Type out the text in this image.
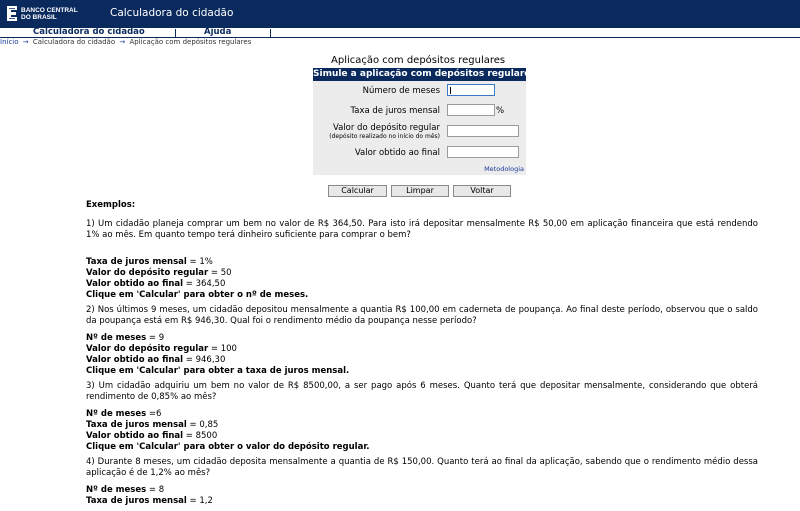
BANCO CENTRAL
DO BRASIL	Calculadora do cidadão
Calculadora do cidadão	Ajuda
Início → Calculadora do cidadão → Aplicação com depósitos regulares
Aplicação com depósitos regulares
Simule a aplicação com depósitos regulares
Número de meses
Taxa de juros mensal	%
Valor do depósito regular
(depósito realizado no início do mês)
Valor obtido ao final
Metodologia
Calcular	Limpar	Voltar
Exemplos:
1) Um cidadão planeja comprar um bem no valor de R$ 364,50. Para isto irá depositar mensalmente R$ 50,00 em aplicação financeira que está rendendo 1% ao mês. Em quanto tempo terá dinheiro suficiente para comprar o bem?
Taxa de juros mensal = 1%
Valor do depósito regular = 50
Valor obtido ao final = 364,50
Clique em 'Calcular' para obter o nº de meses.
2) Nos últimos 9 meses, um cidadão depositou mensalmente a quantia R$ 100,00 em caderneta de poupança. Ao final deste período, observou que o saldo da poupança está em R$ 946,30. Qual foi o rendimento médio da poupança nesse período?
Nº de meses = 9
Valor do depósito regular = 100
Valor obtido ao final = 946,30
Clique em 'Calcular' para obter a taxa de juros mensal.
3) Um cidadão adquiriu um bem no valor de R$ 8500,00, a ser pago após 6 meses. Quanto terá que depositar mensalmente, considerando que obterá rendimento de 0,85% ao mês?
Nº de meses =6
Taxa de juros mensal = 0,85
Valor obtido ao final = 8500
Clique em 'Calcular' para obter o valor do depósito regular.
4) Durante 8 meses, um cidadão deposita mensalmente a quantia de R$ 150,00. Quanto terá ao final da aplicação, sabendo que o rendimento médio dessa aplicação é de 1,2% ao mês?
Nº de meses = 8
Taxa de juros mensal = 1,2
